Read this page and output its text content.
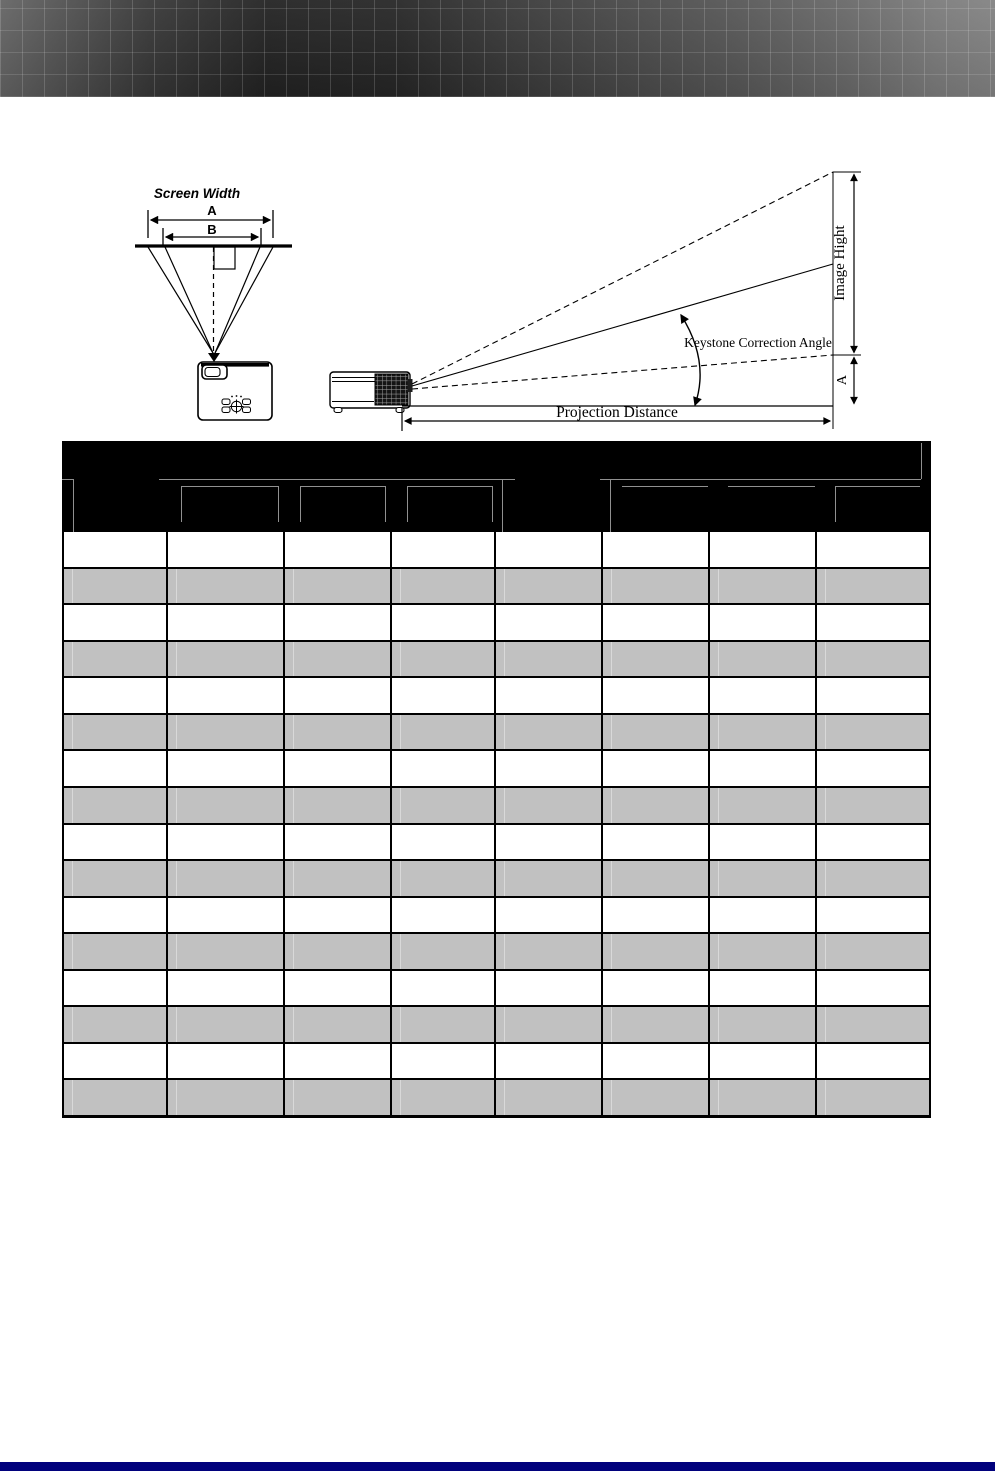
Screen Width
A
B	Image Hight
A
Keystone Correction Angle
Projection Distance
